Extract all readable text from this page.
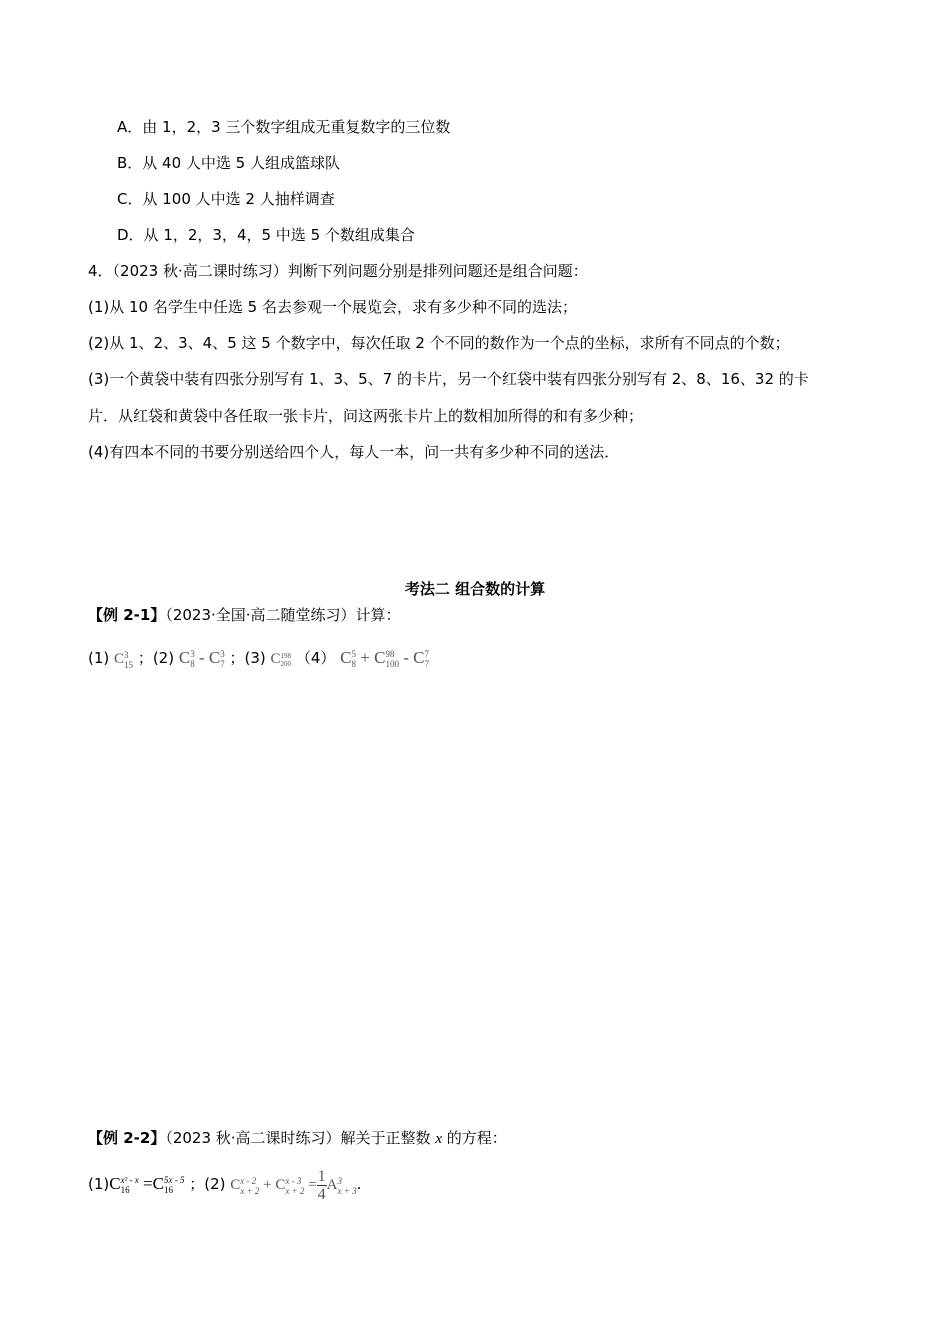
A．由 1，2，3 三个数字组成无重复数字的三位数
B．从 40 人中选 5 人组成篮球队
C．从 100 人中选 2 人抽样调查
D．从 1，2，3，4，5 中选 5 个数组成集合
4．（2023 秋·高二课时练习）判断下列问题分别是排列问题还是组合问题：
(1)从 10 名学生中任选 5 名去参观一个展览会，求有多少种不同的选法；
(2)从 1、2、3、4、5 这 5 个数字中，每次任取 2 个不同的数作为一个点的坐标，求所有不同点的个数；
(3)一个黄袋中装有四张分别写有 1、3、5、7 的卡片，另一个红袋中装有四张分别写有 2、8、16、32 的卡
片．从红袋和黄袋中各任取一张卡片，问这两张卡片上的数相加所得的和有多少种；
(4)有四本不同的书要分别送给四个人，每人一本，问一共有多少种不同的送法．
考法二 组合数的计算
【例 2-1】（2023·全国·高二随堂练习）计算：
(1) C 3
15 ；(2) C 3
8 - C 3
7 ；(3) C 198
200 （4） C 5
8 + C 98
100 - C 7
7
【例 2-2】（2023 秋·高二课时练习）解关于正整数 x 的方程：
(1)C x² - x
16 =C 5x - 5
16	；(2) C x - 2
x + 2 + C x - 3
$x + 2 = \frac{1}{4}$ A 3
x + 3 .
